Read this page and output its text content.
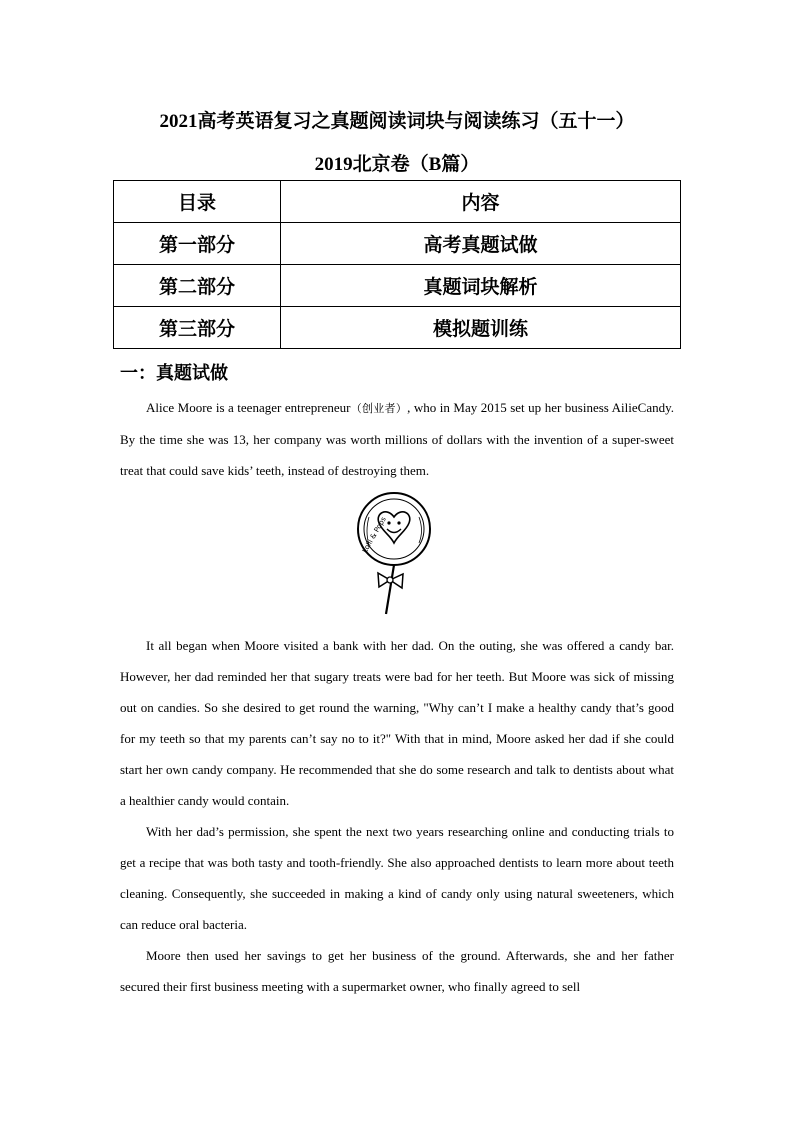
2021高考英语复习之真题阅读词块与阅读练习（五十一）
2019北京卷（B篇）
目录	内容
第一部分	高考真题试做
第二部分	真题词块解析
第三部分	模拟题训练
一：真题试做

Alice Moore is a teenager entrepreneur（创业者）, who in May 2015 set up her business AilieCandy. By the time she was 13, her company was worth millions of dollars with the invention of a super-sweet treat that could save kids’ teeth, instead of destroying them.

Lolli & Pops

It all began when Moore visited a bank with her dad. On the outing, she was offered a candy bar. However, her dad reminded her that sugary treats were bad for her teeth. But Moore was sick of missing out on candies. So she desired to get round the warning, "Why can’t I make a healthy candy that’s good for my teeth so that my parents can’t say no to it?" With that in mind, Moore asked her dad if she could start her own candy company. He recommended that she do some research and talk to dentists about what a healthier candy would contain.

With her dad’s permission, she spent the next two years researching online and conducting trials to get a recipe that was both tasty and tooth-friendly. She also approached dentists to learn more about teeth cleaning. Consequently, she succeeded in making a kind of candy only using natural sweeteners, which can reduce oral bacteria.

Moore then used her savings to get her business of the ground. Afterwards, she and her father secured their first business meeting with a supermarket owner, who finally agreed to sell
